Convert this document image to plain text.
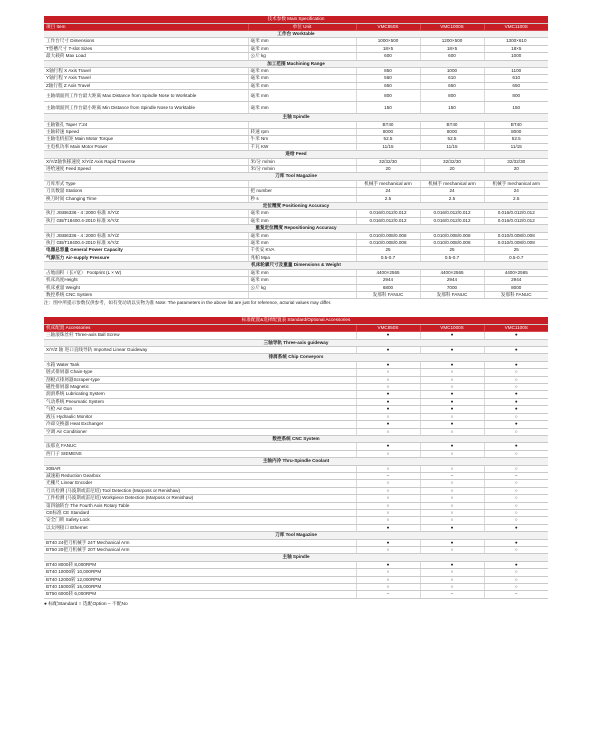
技术参数 Main Specification				
项目 Item	单位 Unit	VMC850S	VMC1000S	VMC1100S
工作台 Worktable				
工作台尺寸 Dimensions	毫米 mm	1000×500	1200×500	1300×610
T型槽尺寸 T-slot Sizes	毫米 mm	18×5	18×5	18×5
最大载荷 Max Load	公斤 kg	600	600	1000
加工范围 Machining Range				
X轴行程 X Axis Travel	毫米 mm	850	1000	1100
Y轴行程 Y Axis Travel	毫米 mm	560	610	610
Z轴行程 Z Axis Travel	毫米 mm	650	650	650
主轴端面到工作台最大距离 Max Distance from Spindle Nose to Worktable	毫米 mm	800	800	800
主轴端面到工作台最小距离 Min Distance from Spindle Nose to Worktable	毫米 mm	150	150	150
主轴 Spindle				
主轴锥孔 Taper 7:24		BT40	BT40	BT40
主轴转速 Speed	转速 rpm	8000	8000	8000
主轴电机扭矩 Main Motor Torque	牛米 Nm	52.5	52.5	52.5
主电机功率 Main Motor Power	千瓦 KW	11/15	11/15	11/15
进给 Feed				
X/Y/Z轴快移速度 X/Y/Z Axis Rapid Traverse	米/分 m/min	32/32/30	32/32/30	32/32/30
进给速度 Feed Speed	米/分 m/min	20	20	20
刀库 Tool Magazine				
刀库形式 Type		机械手 mechanical arm	机械手 mechanical arm	机械手 mechanical arm
刀具数量 Stations	把 number	24	24	24
换刀时间 Changing Time	秒 s	2.5	2.5	2.5
定位精度 Positioning Accuracy				
执行 JISB6336 - 4 :2000 标准 X/Y/Z	毫米 mm	0.016/0.012/0.012	0.016/0.012/0.012	0.016/0.012/0.012
执行 GB/T18400.4-2010 标准 X/Y/Z	毫米 mm	0.016/0.012/0.012	0.016/0.012/0.012	0.016/0.012/0.012
重复定位精度 Repositioning Accuracy				
执行 JISB6336 - 4 :2000 标准 X/Y/Z	毫米 mm	0.010/0.008/0.008	0.010/0.008/0.008	0.010/0.008/0.008
执行 GB/T18400.4-2010 标准 X/Y/Z	毫米 mm	0.010/0.008/0.008	0.010/0.008/0.008	0.010/0.008/0.008
电器总容量 General Power Capacity	千伏安 KVA	25	25	25
气源压力 Air-supply Pressure	兆帕 Mpa	0.5-0.7	0.5-0.7	0.5-0.7
机床轮廓尺寸及重量 Dimensions & Weight				
占地面积（长×宽） Footprint (L × W)	毫米 mm	4400×2565	4400×2565	4400×2565
机床高度Height	毫米 mm	2944	2944	2944
机床重量 Weight	公斤 kg	6800	7000	8000
数控系统 CNC System		发那科 FANUC	发那科 FANUC	发那科 FANUC
注：图中所提示参数仅供参考，如有变动请以实物为准 Note: The parameters in the above list are just for reference, acturial values may differ.
标准配置&选择配置表 Standard/Optional Accessories			
机床配置 Accessories	VMC850S	VMC1000S	VMC1100S
三轴滚珠丝杆 Three-axis Ball Screw	●	●	●
三轴导轨 Three-axis guideway			
X/Y/Z 轴 进口直线导轨 Imported Linear Guideway	●	●	●
排屑系统 Chip Conveyors			
水箱 Water Tank	●	●	●
链式排屑器 Chain-type	○	○	○
刮板式排屑器Scraper-type	○	○	○
磁性排屑器 Magnetic	○	○	○
润滑系统 Lubricating System	●	●	●
气动系统 Pneumatic System	●	●	●
气枪 Air Gun	●	●	●
液压 Hydraulic Monitor	○	○	○
冷却交换器 Heat Exchanger	●	●	●
空调 Air Conditioner	○	○	○
数控系统 CNC System			
法那克 FANUC	●	●	●
西门子 SIEMENS	○	○	○
主轴内冷 Thru-Spindle Coolant			
20BAR	○	○	○
减速箱 Reduction Gearbox	–	–	–
光栅尺 Linear Encoder	○	○	○
刀具检测 (马波斯或雷尼绍) Tool Detection (Marposs or Renishaw)	○	○	○
工件检测 (马波斯或雷尼绍) Workpiece Detection (Marposs or Renishaw)	○	○	○
第四轴转台 The Fourth Axis Rotary Table	○	○	○
CE标准 CE Standard	○	○	○
安全门锁 Safety Lock	○	○	○
以太网接口 Ethernet	●	●	●
刀库 Tool Magazine			
BT40 24把刀机械手 24T Mechanical Arm	●	●	●
BT50 20把刀机械手 20T Mechanical Arm	○	○	○
主轴 Spindle			
BT40 8000转 8,000RPM	●	●	●
BT40 10000转 10,000RPM	○	○	○
BT40 12000转 12,000RPM	○	○	○
BT40 15000转 15,000RPM	○	○	○
BT50 6000转 6,000RPM	–	–	–
● 标配Standard ○ 选配Option – 不配No
